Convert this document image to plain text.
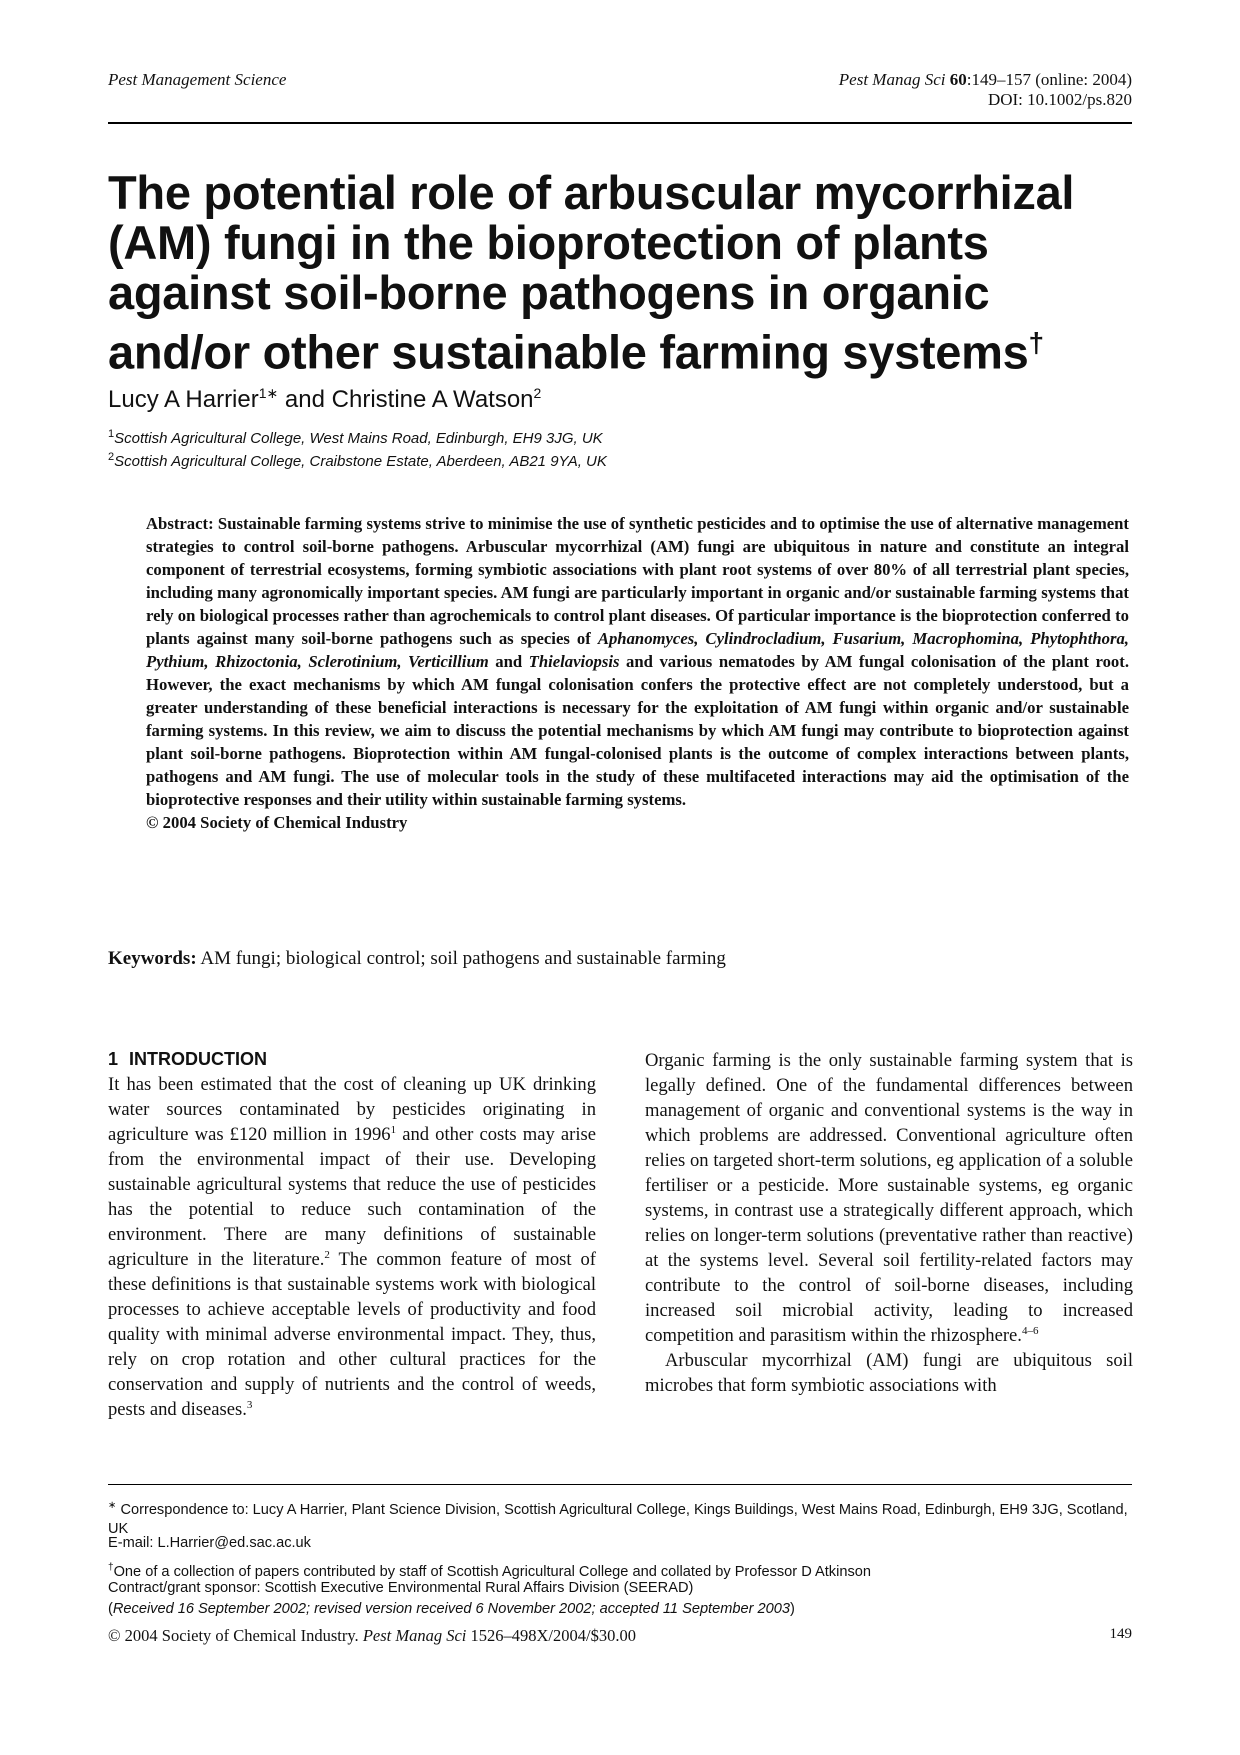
Pest Management Science	Pest Manag Sci 60:149–157 (online: 2004)
DOI: 10.1002/ps.820
The potential role of arbuscular mycorrhizal (AM) fungi in the bioprotection of plants against soil-borne pathogens in organic and/or other sustainable farming systems†
Lucy A Harrier$^{1∗}$ and Christine A Watson$^2$
$^1$Scottish Agricultural College, West Mains Road, Edinburgh, EH9 3JG, UK
$^2$Scottish Agricultural College, Craibstone Estate, Aberdeen, AB21 9YA, UK
Abstract: Sustainable farming systems strive to minimise the use of synthetic pesticides and to optimise the use of alternative management strategies to control soil-borne pathogens. Arbuscular mycorrhizal (AM) fungi are ubiquitous in nature and constitute an integral component of terrestrial ecosystems, forming symbiotic associations with plant root systems of over 80% of all terrestrial plant species, including many agronomically important species. AM fungi are particularly important in organic and/or sustainable farming systems that rely on biological processes rather than agrochemicals to control plant diseases. Of particular importance is the bioprotection conferred to plants against many soil-borne pathogens such as species of Aphanomyces, Cylindrocladium, Fusarium, Macrophomina, Phytophthora, Pythium, Rhizoctonia, Sclerotinium, Verticillium and Thielaviopsis and various nematodes by AM fungal colonisation of the plant root. However, the exact mechanisms by which AM fungal colonisation confers the protective effect are not completely understood, but a greater understanding of these beneficial interactions is necessary for the exploitation of AM fungi within organic and/or sustainable farming systems. In this review, we aim to discuss the potential mechanisms by which AM fungi may contribute to bioprotection against plant soil-borne pathogens. Bioprotection within AM fungal-colonised plants is the outcome of complex interactions between plants, pathogens and AM fungi. The use of molecular tools in the study of these multifaceted interactions may aid the optimisation of the bioprotective responses and their utility within sustainable farming systems.
© 2004 Society of Chemical Industry
Keywords: AM fungi; biological control; soil pathogens and sustainable farming
1 INTRODUCTION

It has been estimated that the cost of cleaning up UK drinking water sources contaminated by pesticides originating in agriculture was £120 million in 1996$^1$ and other costs may arise from the environmental impact of their use. Developing sustainable agricultural systems that reduce the use of pesticides has the potential to reduce such contamination of the environment. There are many definitions of sustainable agriculture in the literature.$^2$ The common feature of most of these definitions is that sustainable systems work with biological processes to achieve acceptable levels of productivity and food quality with minimal adverse environmental impact. They, thus, rely on crop rotation and other cultural practices for the conservation and supply of nutrients and the control of weeds, pests and diseases.$^3$

Organic farming is the only sustainable farming system that is legally defined. One of the fundamental differences between management of organic and conventional systems is the way in which problems are addressed. Conventional agriculture often relies on targeted short-term solutions, eg application of a soluble fertiliser or a pesticide. More sustainable systems, eg organic systems, in contrast use a strategically different approach, which relies on longer-term solutions (preventative rather than reactive) at the systems level. Several soil fertility-related factors may contribute to the control of soil-borne diseases, including increased soil microbial activity, leading to increased competition and parasitism within the rhizosphere.$^{4-6}$

Arbuscular mycorrhizal (AM) fungi are ubiquitous soil microbes that form symbiotic associations with

∗ Correspondence to: Lucy A Harrier, Plant Science Division, Scottish Agricultural College, Kings Buildings, West Mains Road, Edinburgh, EH9 3JG, Scotland, UK
E-mail: L.Harrier@ed.sac.ac.uk
†One of a collection of papers contributed by staff of Scottish Agricultural College and collated by Professor D Atkinson
Contract/grant sponsor: Scottish Executive Environmental Rural Affairs Division (SEERAD)
(Received 16 September 2002; revised version received 6 November 2002; accepted 11 September 2003)
© 2004 Society of Chemical Industry. Pest Manag Sci 1526–498X/2004/$30.00	149
